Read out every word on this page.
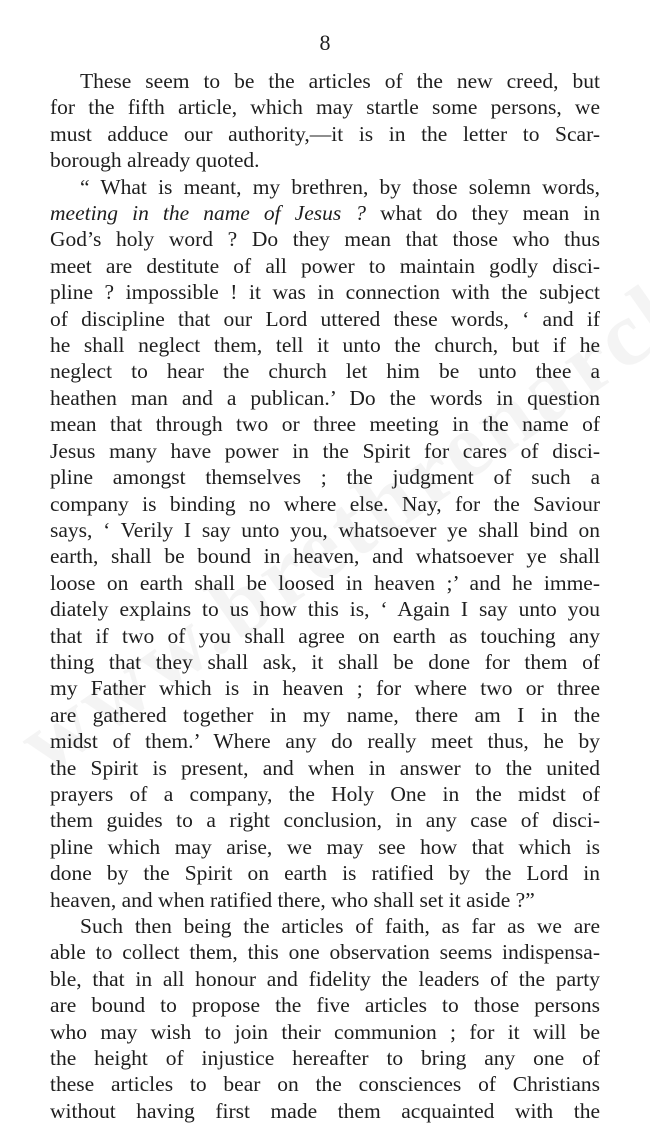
8
These seem to be the articles of the new creed, but
for the fifth article, which may startle some persons, we
must adduce our authority,—it is in the letter to Scar-
borough already quoted.
“ What is meant, my brethren, by those solemn words,
meeting in the name of Jesus ? what do they mean in
God’s holy word ? Do they mean that those who thus
meet are destitute of all power to maintain godly disci-
pline ? impossible ! it was in connection with the subject
of discipline that our Lord uttered these words, ‘ and if
he shall neglect them, tell it unto the church, but if he
neglect to hear the church let him be unto thee a
heathen man and a publican.’ Do the words in question
mean that through two or three meeting in the name of
Jesus many have power in the Spirit for cares of disci-
pline amongst themselves ; the judgment of such a
company is binding no where else. Nay, for the Saviour
says, ‘ Verily I say unto you, whatsoever ye shall bind on
earth, shall be bound in heaven, and whatsoever ye shall
loose on earth shall be loosed in heaven ;’ and he imme-
diately explains to us how this is, ‘ Again I say unto you
that if two of you shall agree on earth as touching any
thing that they shall ask, it shall be done for them of
my Father which is in heaven ; for where two or three
are gathered together in my name, there am I in the
midst of them.’ Where any do really meet thus, he by
the Spirit is present, and when in answer to the united
prayers of a company, the Holy One in the midst of
them guides to a right conclusion, in any case of disci-
pline which may arise, we may see how that which is
done by the Spirit on earth is ratified by the Lord in
heaven, and when ratified there, who shall set it aside ?”
Such then being the articles of faith, as far as we are
able to collect them, this one observation seems indispensa-
ble, that in all honour and fidelity the leaders of the party
are bound to propose the five articles to those persons
who may wish to join their communion ; for it will be
the height of injustice hereafter to bring any one of
these articles to bear on the consciences of Christians
without having first made them acquainted with the
